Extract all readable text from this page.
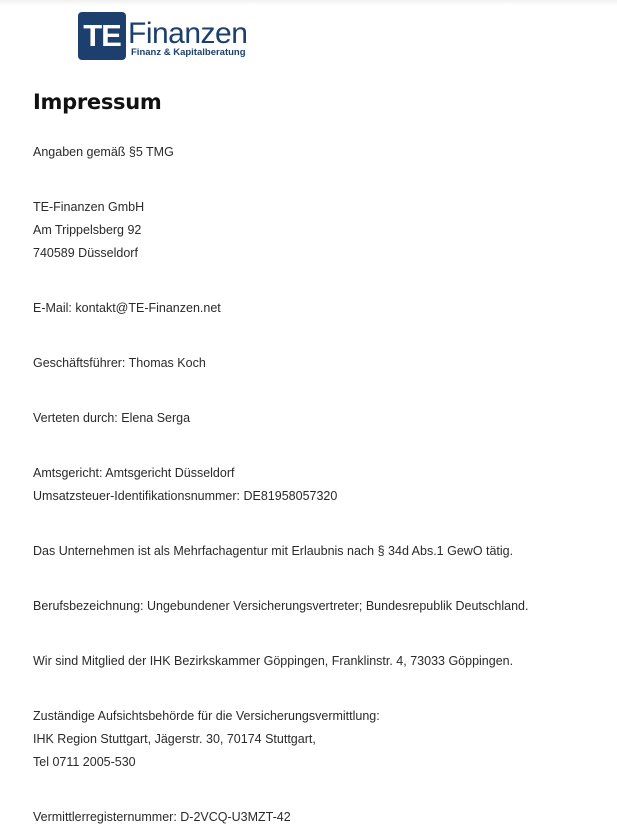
TE Finanzen
Finanz & Kapitalberatung
Impressum
Angaben gemäß §5 TMG
TE-Finanzen GmbH
Am Trippelsberg 92
740589 Düsseldorf
E-Mail: kontakt@TE-Finanzen.net
Geschäftsführer: Thomas Koch
Verteten durch: Elena Serga
Amtsgericht: Amtsgericht Düsseldorf
Umsatzsteuer-Identifikationsnummer: DE81958057320
Das Unternehmen ist als Mehrfachagentur mit Erlaubnis nach § 34d Abs.1 GewO tätig.
Berufsbezeichnung: Ungebundener Versicherungsvertreter; Bundesrepublik Deutschland.
Wir sind Mitglied der IHK Bezirkskammer Göppingen, Franklinstr. 4, 73033 Göppingen.
Zuständige Aufsichtsbehörde für die Versicherungsvermittlung:
IHK Region Stuttgart, Jägerstr. 30, 70174 Stuttgart,
Tel 0711 2005-530
Vermittlerregisternummer: D-2VCQ-U3MZT-42
